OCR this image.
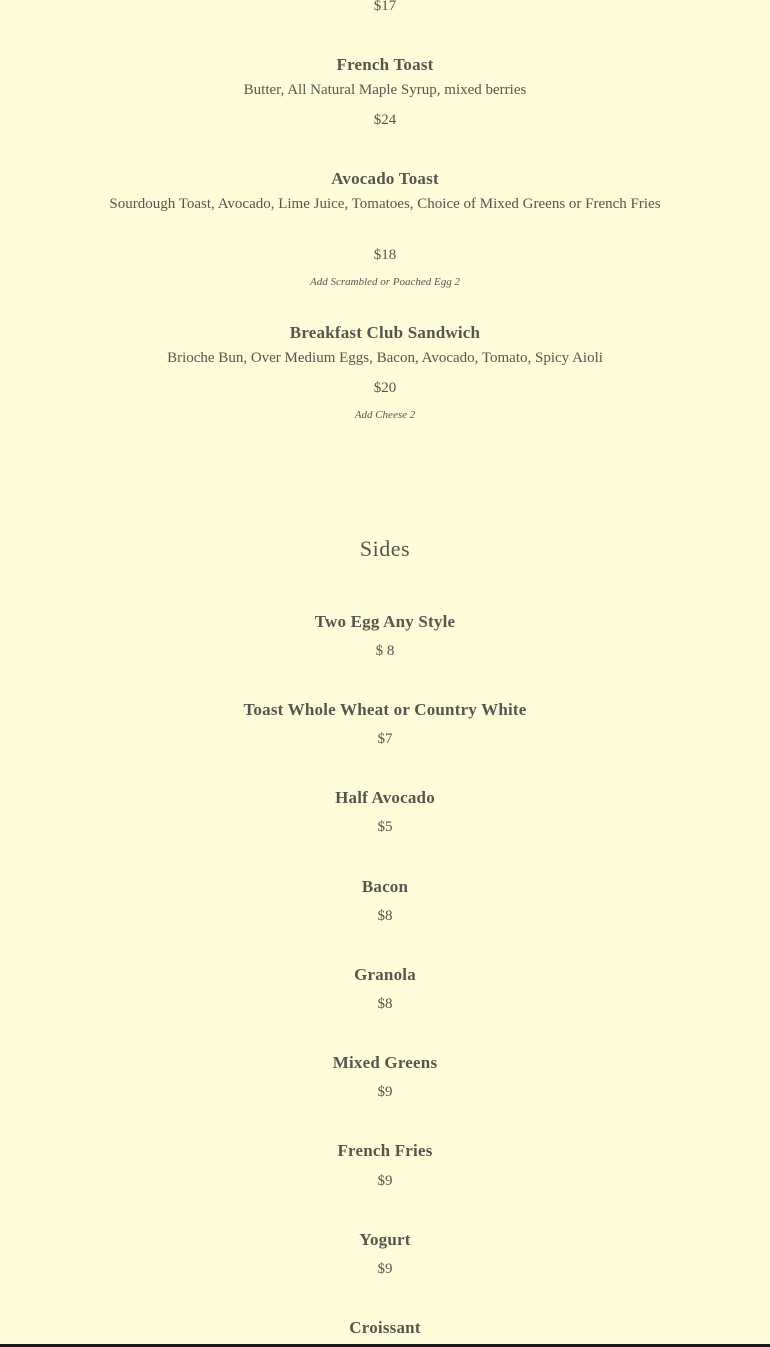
$17
French Toast
Butter, All Natural Maple Syrup, mixed berries
$24
Avocado Toast
Sourdough Toast, Avocado, Lime Juice, Tomatoes, Choice of Mixed Greens or French Fries
$18
Add Scrambled or Poached Egg 2
Breakfast Club Sandwich
Brioche Bun, Over Medium Eggs, Bacon, Avocado, Tomato, Spicy Aioli
$20
Add Cheese 2
Sides
Two Egg Any Style
$ 8
Toast Whole Wheat or Country White
$7
Half Avocado
$5
Bacon
$8
Granola
$8
Mixed Greens
$9
French Fries
$9
Yogurt
$9
Croissant
